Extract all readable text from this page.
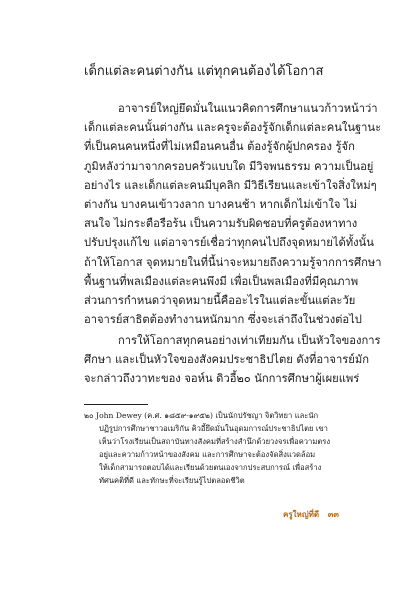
เด็กแต่ละคนต่างกัน แต่ทุกคนต้องได้โอกาส
อาจารย์ใหญ่ยึดมั่นในแนวคิดการศึกษาแนวก้าวหน้าว่า
เด็กแต่ละคนนั้นต่างกัน และครูจะต้องรู้จักเด็กแต่ละคนในฐานะ
ที่เป็นคนคนหนึ่งที่ไม่เหมือนคนอื่น ต้องรู้จักผู้ปกครอง รู้จัก
ภูมิหลังว่ามาจากครอบครัวแบบใด มีวิจพนธรรม ความเป็นอยู่
อย่างไร และเด็กแต่ละคนมีบุคลิก มีวิธีเรียนและเข้าใจสิ่งใหม่ๆ
ต่างกัน บางคนเข้าวงลาก บางคนช้า หากเด็กไม่เข้าใจ ไม่
สนใจ ไม่กระตือรือร้น เป็นความรับผิดชอบที่ครูต้องหาทาง
ปรับปรุงแก้ไข แต่อาจารย์เชื่อว่าทุกคนไปถึงจุดหมายได้ทั้งนั้น
ถ้าให้โอกาส จุดหมายในที่นี้น่าจะหมายถึงความรู้จากการศึกษา
พื้นฐานที่พลเมืองแต่ละคนพึงมี เพื่อเป็นพลเมืองที่มีคุณภาพ
ส่วนการกำหนดว่าจุดหมายนี้คืออะไรในแต่ละขั้นแต่ละวัย
อาจารย์สาธิตต้องทำงานหนักมาก ซึ่งจะเล่าถึงในช่วงต่อไป
การให้โอกาสทุกคนอย่างเท่าเทียมกัน เป็นหัวใจของการ
ศึกษา และเป็นหัวใจของสังคมประชาธิปไตย ดังที่อาจารย์มัก
จะกล่าวถึงวาทะของ จอห์น ดิวอี้๒๐ นักการศึกษาผู้เผยแพร่
๒๐ John Dewey (ค.ศ. ๑๘๕๙-๑๙๕๒) เป็นนักปรัชญา จิตวิทยา และนัก
ปฏิรูปการศึกษาชาวอเมริกัน คิวอี้ยึดมั่นในอุดมการณ์ประชาธิปไตย เขา
เห็นว่าโรงเรียนเป็นสถาบันทางสังคมที่สร้างสำนึกด้วยวงจรเพื่อความตรง
อยู่และความก้าวหน้าของสังคม และการศึกษาจะต้องจัดสิ่งแวดล้อม
ให้เด็กสามารถตอบได้และเรียนด้วยตนเองจากประสบการณ์ เพื่อสร้าง
ทัศนคติที่ดี และทักษะที่จะเรียนรู้ไปตลอดชีวิต
ครูใหญ่ที่ดี ๓๓
